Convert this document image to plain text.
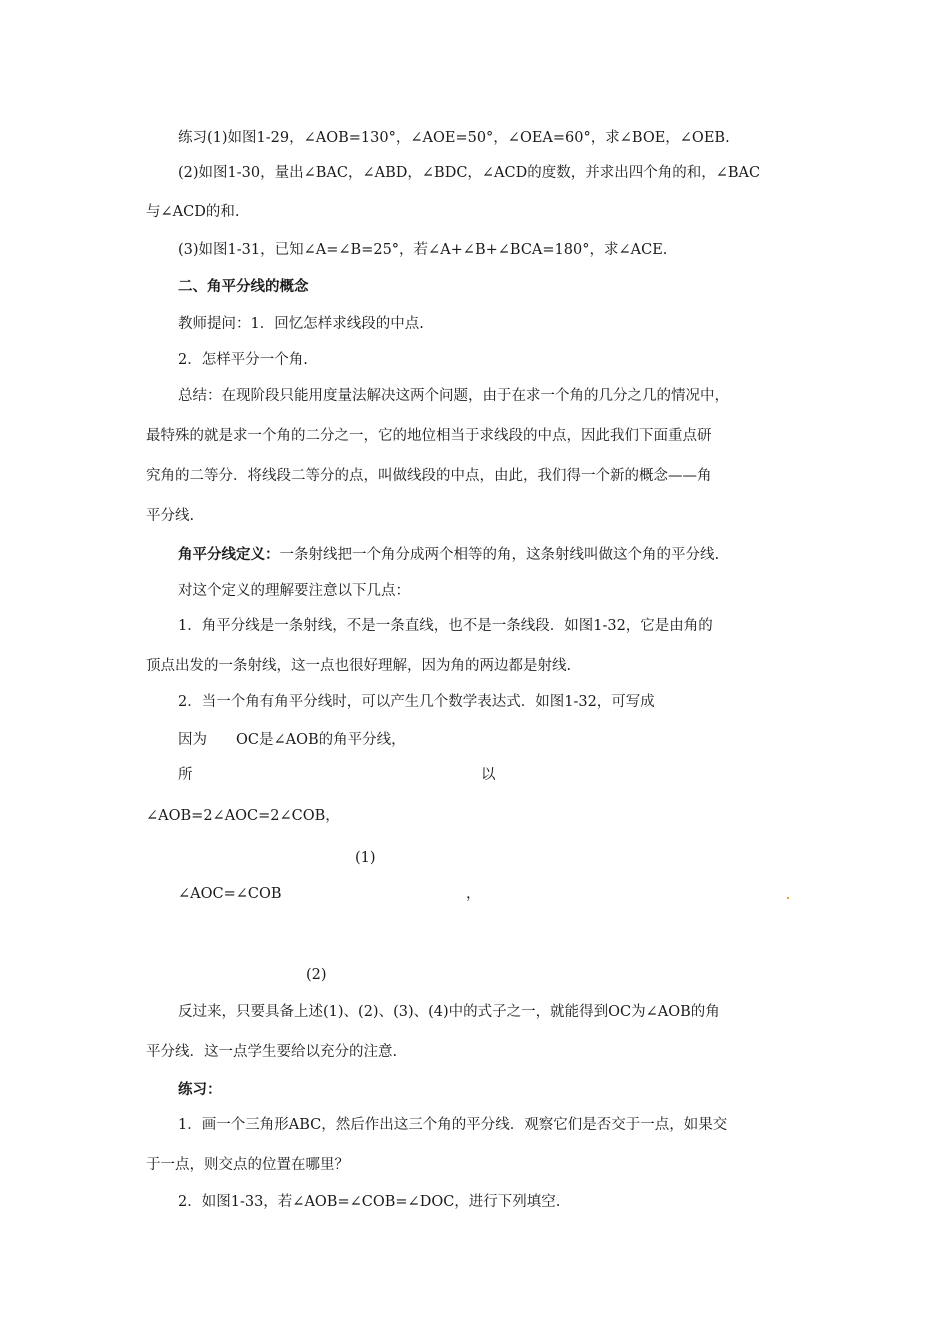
练习(1)如图1-29，∠AOB=130°，∠AOE=50°，∠OEA=60°，求∠BOE，∠OEB.
(2)如图1-30，量出∠BAC，∠ABD，∠BDC，∠ACD的度数，并求出四个角的和，∠BAC
与∠ACD的和.
(3)如图1-31，已知∠A=∠B=25°，若∠A+∠B+∠BCA=180°，求∠ACE.
二、角平分线的概念
教师提问：1．回忆怎样求线段的中点.
2．怎样平分一个角.
总结：在现阶段只能用度量法解决这两个问题，由于在求一个角的几分之几的情况中，
最特殊的就是求一个角的二分之一，它的地位相当于求线段的中点，因此我们下面重点研
究角的二等分．将线段二等分的点，叫做线段的中点，由此，我们得一个新的概念——角
平分线.
角平分线定义：一条射线把一个角分成两个相等的角，这条射线叫做这个角的平分线.
对这个定义的理解要注意以下几点：
1．角平分线是一条射线，不是一条直线，也不是一条线段．如图1-32，它是由角的
顶点出发的一条射线，这一点也很好理解，因为角的两边都是射线.
2．当一个角有角平分线时，可以产生几个数学表达式．如图1-32，可写成
因为 OC是∠AOB的角平分线，
所	以
∠AOB=2∠AOC=2∠COB，
(1)
∠AOC=∠COB	，
(2)
反过来，只要具备上述(1)、(2)、(3)、(4)中的式子之一，就能得到OC为∠AOB的角
平分线．这一点学生要给以充分的注意.
练习：
1．画一个三角形ABC，然后作出这三个角的平分线．观察它们是否交于一点，如果交
于一点，则交点的位置在哪里？
2．如图1-33，若∠AOB=∠COB=∠DOC，进行下列填空.
